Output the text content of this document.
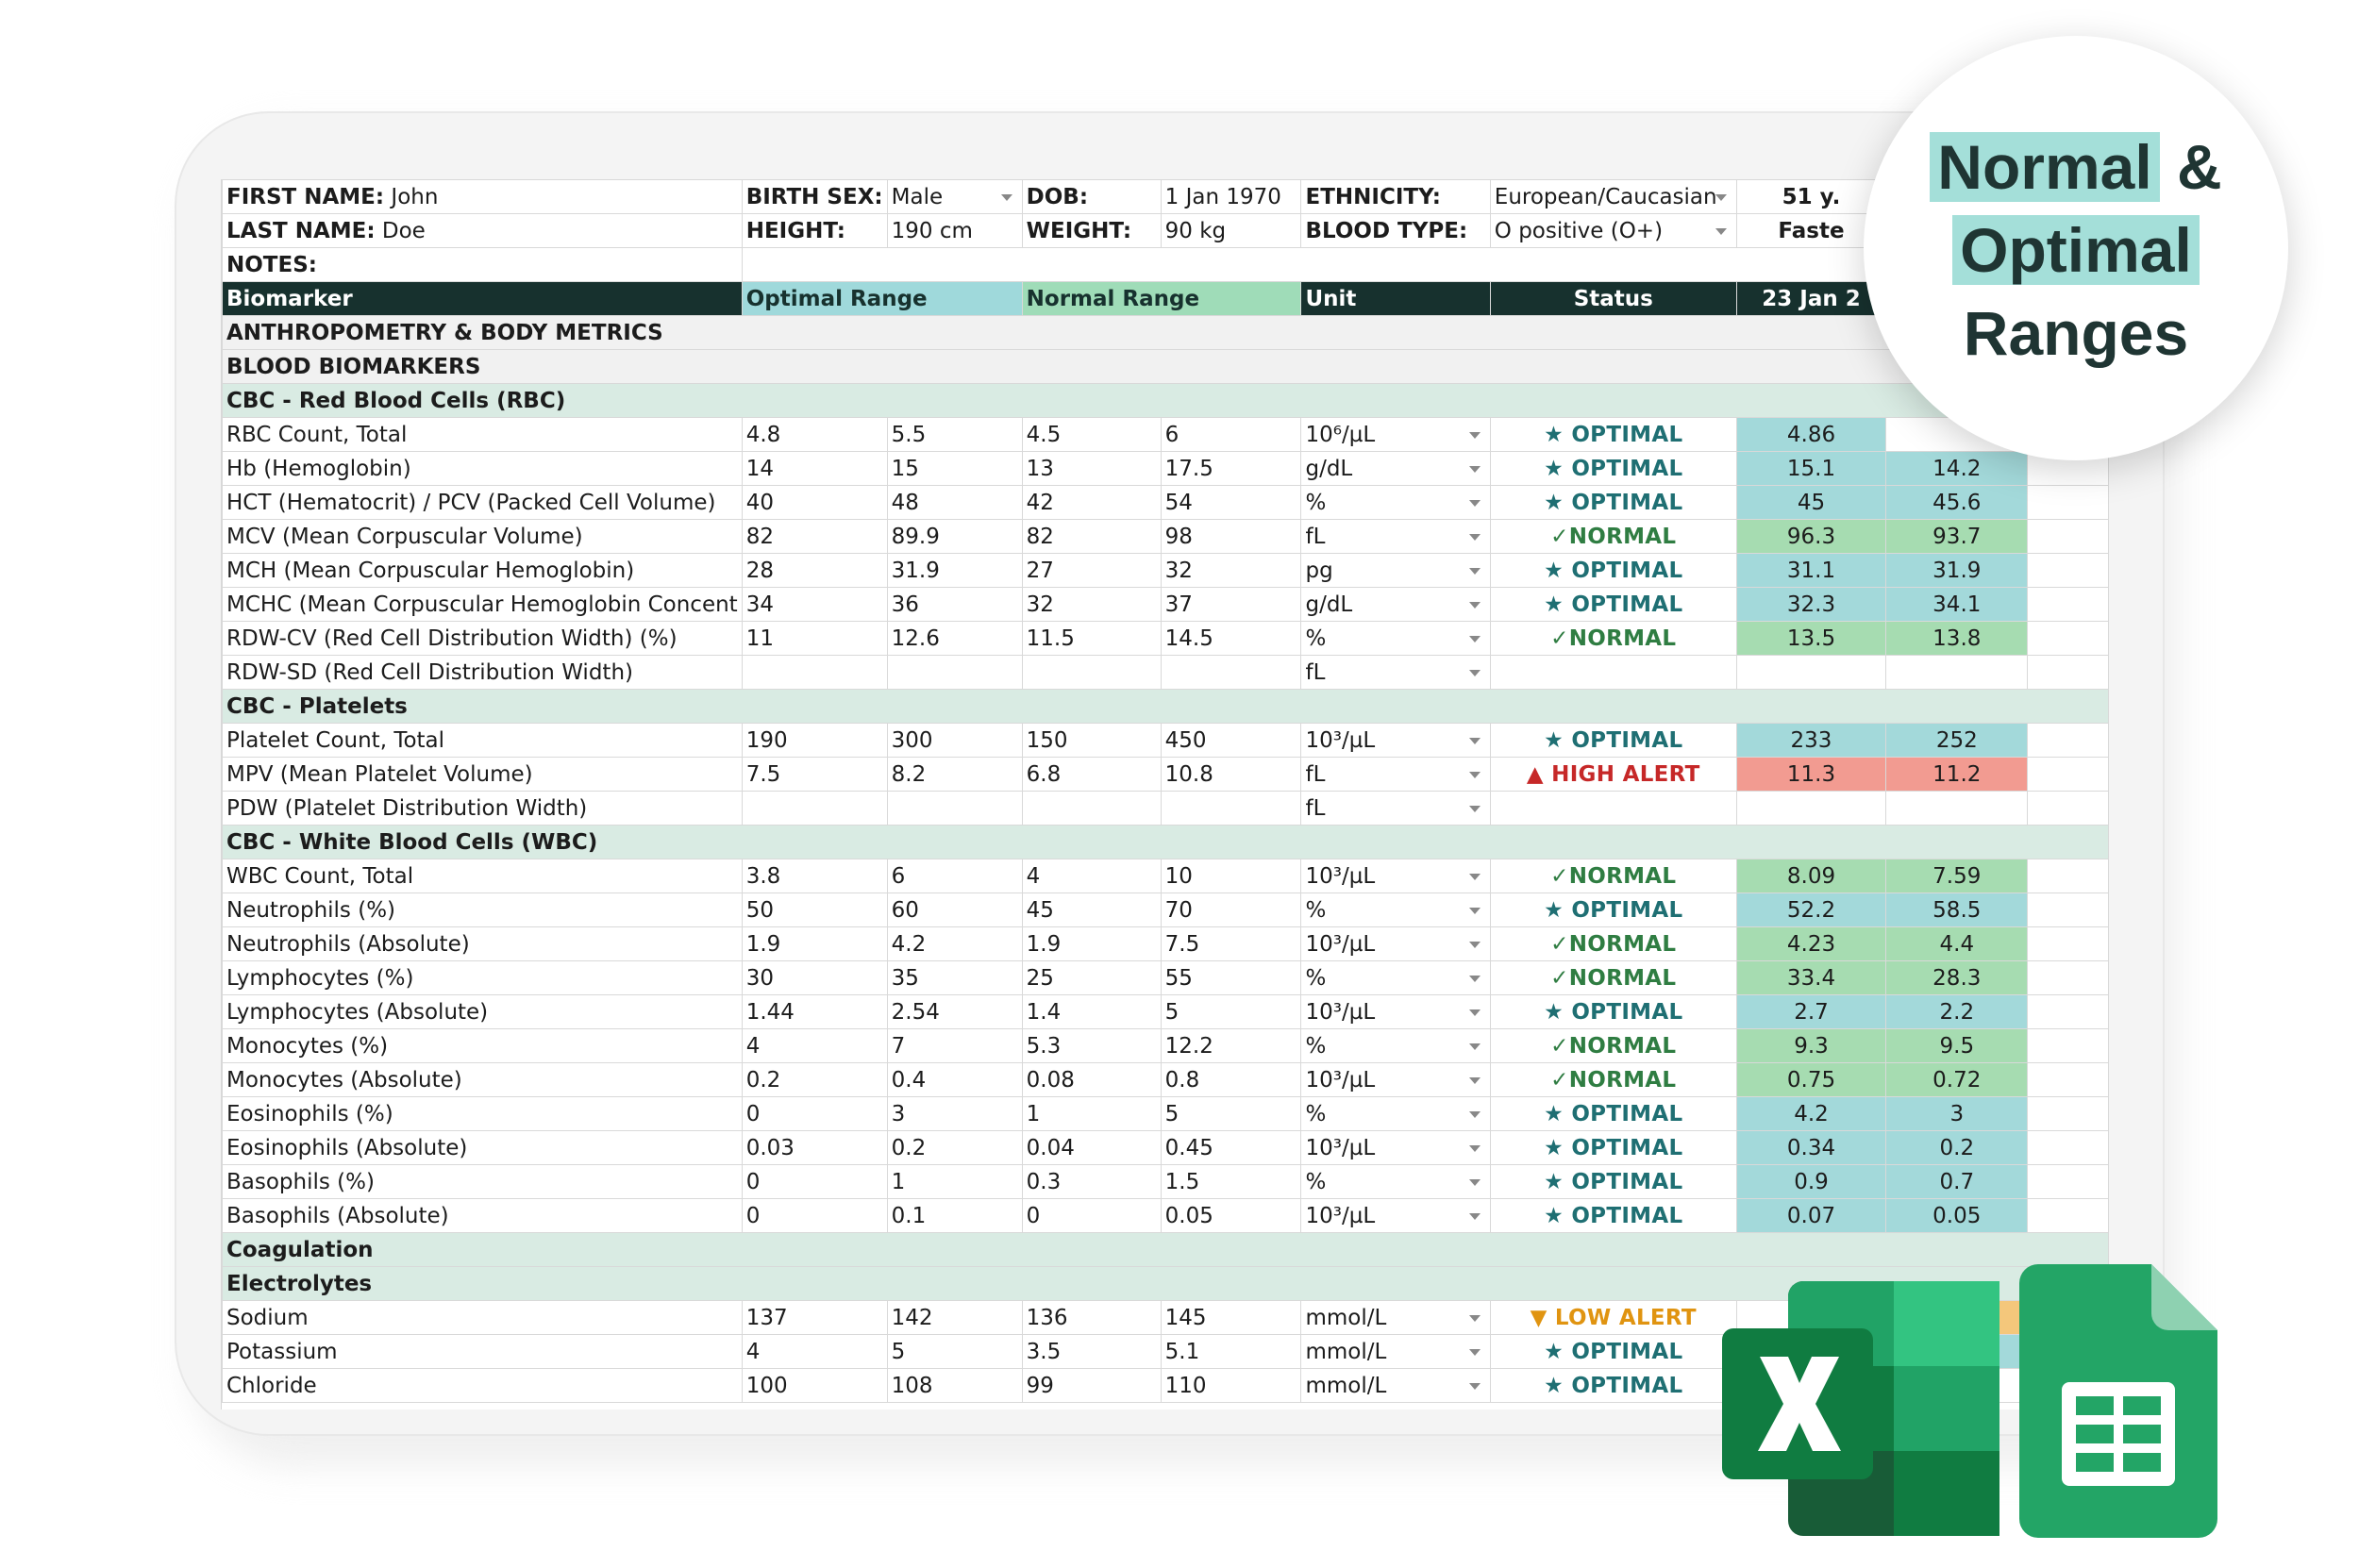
FIRST NAME: John	BIRTH SEX:	Male	DOB:	1 Jan 1970	ETHNICITY:	European/Caucasian	51 y.		
LAST NAME: Doe	HEIGHT:	190 cm	WEIGHT:	90 kg	BLOOD TYPE:	O positive (O+)	Faste		
NOTES:									
Biomarker	Optimal Range		Normal Range		Unit	Status	23 Jan 2		
ANTHROPOMETRY & BODY METRICS									
BLOOD BIOMARKERS									
CBC - Red Blood Cells (RBC)									
RBC Count, Total	4.8	5.5	4.5	6	10⁶/µL	★ OPTIMAL	4.86		
Hb (Hemoglobin)	14	15	13	17.5	g/dL	★ OPTIMAL	15.1	14.2	
HCT (Hematocrit) / PCV (Packed Cell Volume)	40	48	42	54	%	★ OPTIMAL	45	45.6	
MCV (Mean Corpuscular Volume)	82	89.9	82	98	fL	✓NORMAL	96.3	93.7	
MCH (Mean Corpuscular Hemoglobin)	28	31.9	27	32	pg	★ OPTIMAL	31.1	31.9	
MCHC (Mean Corpuscular Hemoglobin Concent	34	36	32	37	g/dL	★ OPTIMAL	32.3	34.1	
RDW-CV (Red Cell Distribution Width) (%)	11	12.6	11.5	14.5	%	✓NORMAL	13.5	13.8	
RDW-SD (Red Cell Distribution Width)					fL				
CBC - Platelets									
Platelet Count, Total	190	300	150	450	10³/µL	★ OPTIMAL	233	252	
MPV (Mean Platelet Volume)	7.5	8.2	6.8	10.8	fL	▲ HIGH ALERT	11.3	11.2	
PDW (Platelet Distribution Width)					fL				
CBC - White Blood Cells (WBC)									
WBC Count, Total	3.8	6	4	10	10³/µL	✓NORMAL	8.09	7.59	
Neutrophils (%)	50	60	45	70	%	★ OPTIMAL	52.2	58.5	
Neutrophils (Absolute)	1.9	4.2	1.9	7.5	10³/µL	✓NORMAL	4.23	4.4	
Lymphocytes (%)	30	35	25	55	%	✓NORMAL	33.4	28.3	
Lymphocytes (Absolute)	1.44	2.54	1.4	5	10³/µL	★ OPTIMAL	2.7	2.2	
Monocytes (%)	4	7	5.3	12.2	%	✓NORMAL	9.3	9.5	
Monocytes (Absolute)	0.2	0.4	0.08	0.8	10³/µL	✓NORMAL	0.75	0.72	
Eosinophils (%)	0	3	1	5	%	★ OPTIMAL	4.2	3	
Eosinophils (Absolute)	0.03	0.2	0.04	0.45	10³/µL	★ OPTIMAL	0.34	0.2	
Basophils (%)	0	1	0.3	1.5	%	★ OPTIMAL	0.9	0.7	
Basophils (Absolute)	0	0.1	0	0.05	10³/µL	★ OPTIMAL	0.07	0.05	
Coagulation									
Electrolytes									
Sodium	137	142	136	145	mmol/L	▼ LOW ALERT			
Potassium	4	5	3.5	5.1	mmol/L	★ OPTIMAL			
Chloride	100	108	99	110	mmol/L	★ OPTIMAL			
Normal &
Optimal
Ranges
